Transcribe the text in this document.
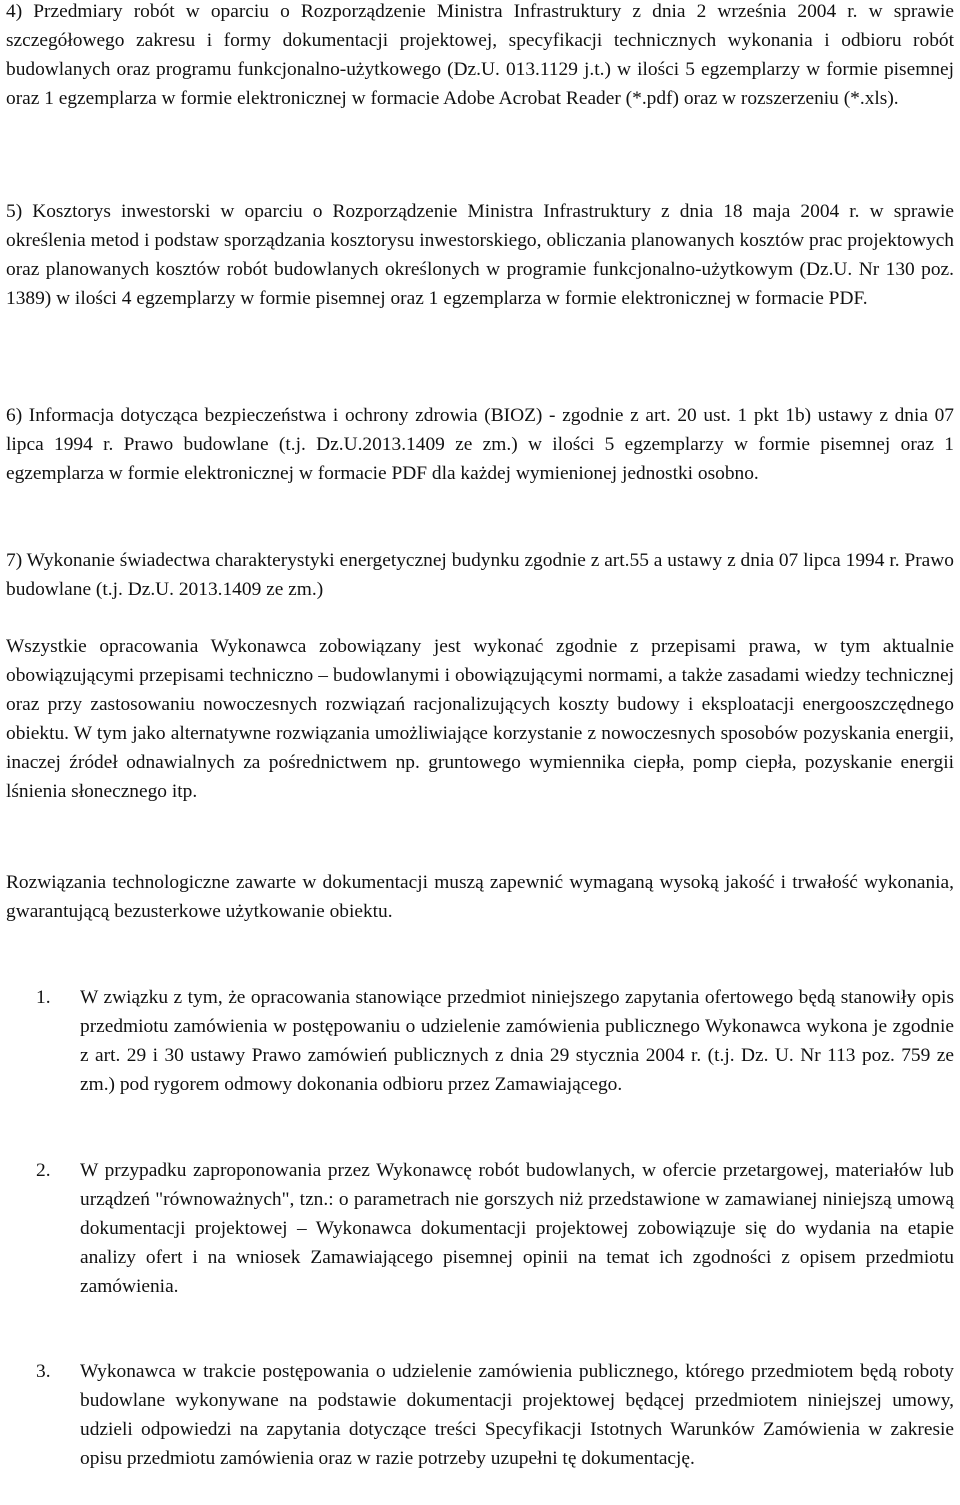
4) Przedmiary robót w oparciu o Rozporządzenie Ministra Infrastruktury z dnia 2 września 2004 r. w sprawie szczegółowego zakresu i formy dokumentacji projektowej, specyfikacji technicznych wykonania i odbioru robót budowlanych oraz programu funkcjonalno-użytkowego (Dz.U. 013.1129 j.t.) w ilości 5 egzemplarzy w formie pisemnej oraz 1 egzemplarza w formie elektronicznej w formacie Adobe Acrobat Reader (*.pdf) oraz w rozszerzeniu (*.xls).

5) Kosztorys inwestorski w oparciu o Rozporządzenie Ministra Infrastruktury z dnia 18 maja 2004 r. w sprawie określenia metod i podstaw sporządzania kosztorysu inwestorskiego, obliczania planowanych kosztów prac projektowych oraz planowanych kosztów robót budowlanych określonych w programie funkcjonalno-użytkowym (Dz.U. Nr 130 poz. 1389) w ilości 4 egzemplarzy w formie pisemnej oraz 1 egzemplarza w formie elektronicznej w formacie PDF.

6) Informacja dotycząca bezpieczeństwa i ochrony zdrowia (BIOZ) - zgodnie z art. 20 ust. 1 pkt 1b) ustawy z dnia 07 lipca 1994 r. Prawo budowlane (t.j. Dz.U.2013.1409 ze zm.) w ilości 5 egzemplarzy w formie pisemnej oraz 1 egzemplarza w formie elektronicznej w formacie PDF dla każdej wymienionej jednostki osobno.

7) Wykonanie świadectwa charakterystyki energetycznej budynku zgodnie z art.55 a ustawy z dnia 07 lipca 1994 r. Prawo budowlane (t.j. Dz.U. 2013.1409 ze zm.)

Wszystkie opracowania Wykonawca zobowiązany jest wykonać zgodnie z przepisami prawa, w tym aktualnie obowiązującymi przepisami techniczno – budowlanymi i obowiązującymi normami, a także zasadami wiedzy technicznej oraz przy zastosowaniu nowoczesnych rozwiązań racjonalizujących koszty budowy i eksploatacji energooszczędnego obiektu. W tym jako alternatywne rozwiązania umożliwiające korzystanie z nowoczesnych sposobów pozyskania energii, inaczej źródeł odnawialnych za pośrednictwem np. gruntowego wymiennika ciepła, pomp ciepła, pozyskanie energii lśnienia słonecznego itp.

Rozwiązania technologiczne zawarte w dokumentacji muszą zapewnić wymaganą wysoką jakość i trwałość wykonania, gwarantującą bezusterkowe użytkowanie obiektu.

1. W związku z tym, że opracowania stanowiące przedmiot niniejszego zapytania ofertowego będą stanowiły opis przedmiotu zamówienia w postępowaniu o udzielenie zamówienia publicznego Wykonawca wykona je zgodnie z art. 29 i 30 ustawy Prawo zamówień publicznych z dnia 29 stycznia 2004 r. (t.j. Dz. U. Nr 113 poz. 759 ze zm.) pod rygorem odmowy dokonania odbioru przez Zamawiającego.

2. W przypadku zaproponowania przez Wykonawcę robót budowlanych, w ofercie przetargowej, materiałów lub urządzeń "równoważnych", tzn.: o parametrach nie gorszych niż przedstawione w zamawianej niniejszą umową dokumentacji projektowej – Wykonawca dokumentacji projektowej zobowiązuje się do wydania na etapie analizy ofert i na wniosek Zamawiającego pisemnej opinii na temat ich zgodności z opisem przedmiotu zamówienia.

3. Wykonawca w trakcie postępowania o udzielenie zamówienia publicznego, którego przedmiotem będą roboty budowlane wykonywane na podstawie dokumentacji projektowej będącej przedmiotem niniejszej umowy, udzieli odpowiedzi na zapytania dotyczące treści Specyfikacji Istotnych Warunków Zamówienia w zakresie opisu przedmiotu zamówienia oraz w razie potrzeby uzupełni tę dokumentację.
